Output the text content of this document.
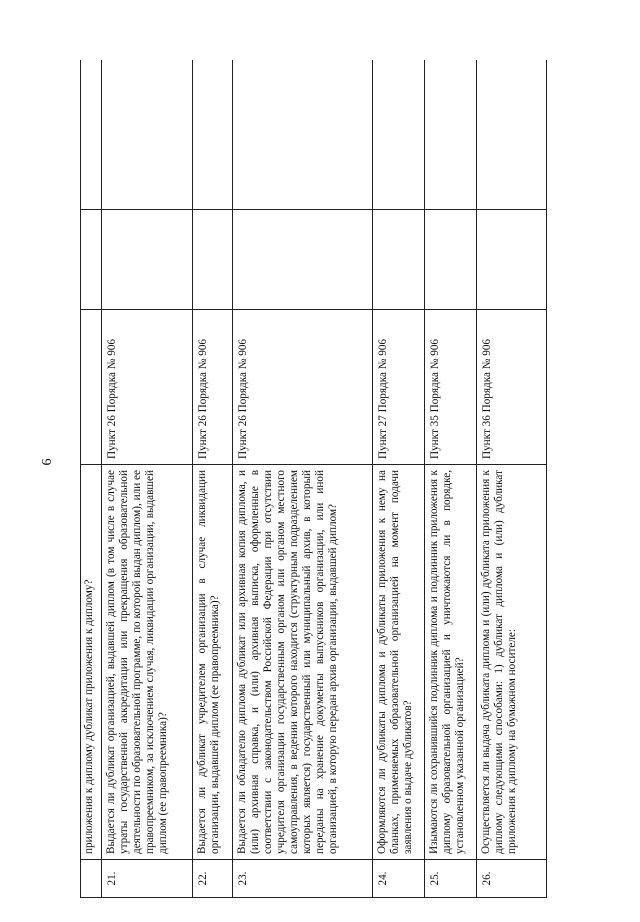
6
	приложения к диплому дубликат приложения к диплому?			
21.	Выдается ли дубликат организацией, выдавшей диплом (в том числе в случае утраты государственной аккредитации или прекращения образовательной деятельности по образовательной программе, по которой выдан диплом), или ее правопреемником, за исключением случая, ликвидации организации, выдавшей диплом (ее правопреемника)?	Пункт 26 Порядка № 906		
22.	Выдается ли дубликат учредителем организации в случае ликвидации организации, выдавшей диплом (ее правопреемника)?	Пункт 26 Порядка № 906		
23.	Выдается ли обладателю диплома дубликат или архивная копия диплома, и (или) архивная справка, и (или) архивная выписка, оформленные в соответствии с законодательством Российской Федерации при отсутствии учредителя организации государственным органом или органом местного самоуправления, в ведении которого находится (структурным подразделением которых является) государственный или муниципальный архив, в который переданы на хранение документы выпускников организации, или иной организацией, в которую передан архив организации, выдавшей диплом?	Пункт 26 Порядка № 906		
24.	Оформляются ли дубликаты диплома и дубликаты приложения к нему на бланках, применяемых образовательной организацией на момент подачи заявления о выдаче дубликатов?	Пункт 27 Порядка № 906		
25.	Изымаются ли сохранившийся подлинник диплома и подлинник приложения к диплому образовательной организацией и уничтожаются ли в порядке, установленном указанной организацией?	Пункт 35 Порядка № 906		
26.	Осуществляется ли выдача дубликата диплома и (или) дубликата приложения к диплому следующими способами: 1) дубликат диплома и (или) дубликат приложения к диплому на бумажном носителе:	Пункт 36 Порядка № 906		
